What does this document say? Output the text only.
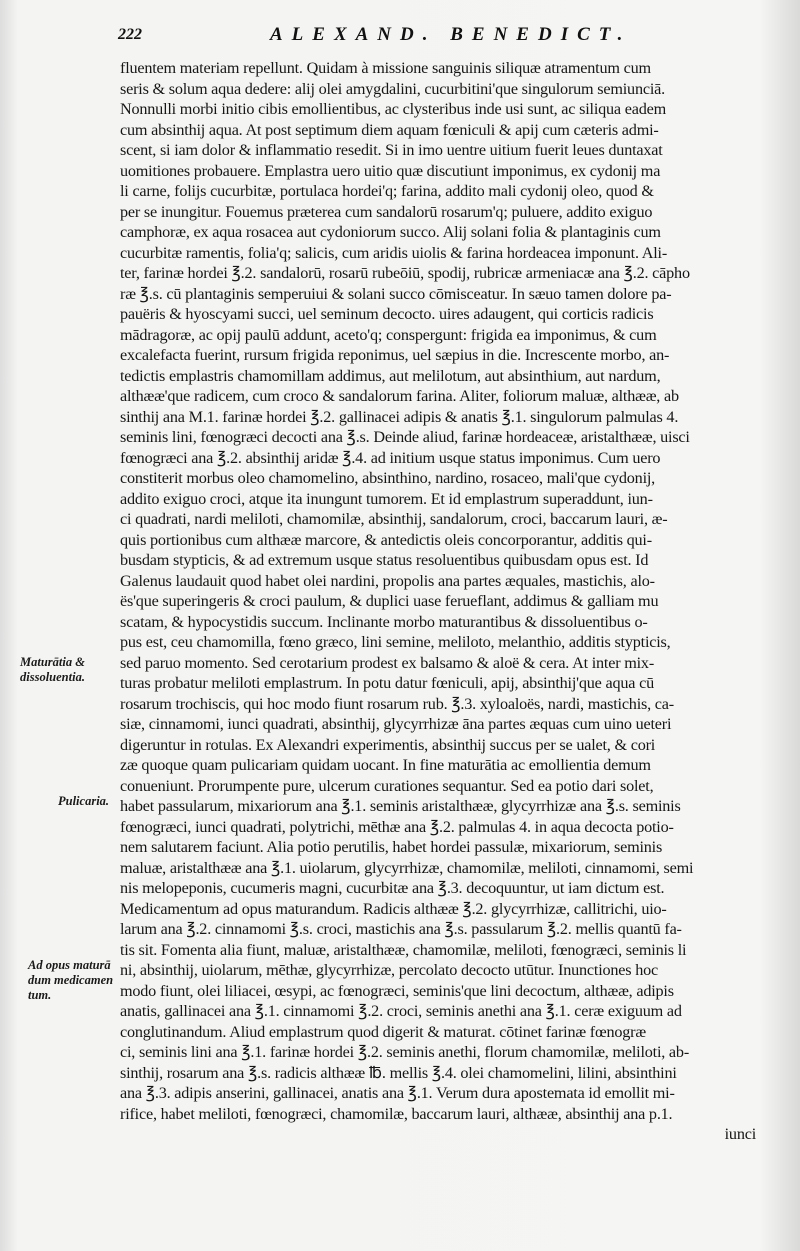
222	ALEXAND. BENEDICT.
Maturātia &
dissoluentia.
Pulicaria.
Ad opus maturā
dum medicamen
tum.
fluentem materiam repellunt. Quidam à missione sanguinis siliquæ atramentum cum
seris & solum aqua dedere: alij olei amygdalini, cucurbitini'que singulorum semiunciā.
Nonnulli morbi initio cibis emollientibus, ac clysteribus inde usi sunt, ac siliqua eadem
cum absinthij aqua. At post septimum diem aquam fœniculi & apij cum cæteris admi-
scent, si iam dolor & inflammatio resedit. Si in imo uentre uitium fuerit leues duntaxat
uomitiones probauere. Emplastra uero uitio quæ discutiunt imponimus, ex cydonij ma
li carne, folijs cucurbitæ, portulaca hordei'q; farina, addito mali cydonij oleo, quod &
per se inungitur. Fouemus præterea cum sandalorū rosarum'q; puluere, addito exiguo
camphoræ, ex aqua rosacea aut cydoniorum succo. Alij solani folia & plantaginis cum
cucurbitæ ramentis, folia'q; salicis, cum aridis uiolis & farina hordeacea imponunt. Ali-
ter, farinæ hordei ℥.2. sandalorū, rosarū rubeōiū, spodij, rubricæ armeniacæ ana ℥.2. cāpho
ræ ℥.s. cū plantaginis semperuiui & solani succo cōmisceatur. In sæuo tamen dolore pa-
pauëris & hyoscyami succi, uel seminum decocto. uires adaugent, qui corticis radicis
mādragoræ, ac opij paulū addunt, aceto'q; conspergunt: frigida ea imponimus, & cum
excalefacta fuerint, rursum frigida reponimus, uel sæpius in die. Increscente morbo, an-
tedictis emplastris chamomillam addimus, aut melilotum, aut absinthium, aut nardum,
althææ'que radicem, cum croco & sandalorum farina. Aliter, foliorum maluæ, althææ, ab
sinthij ana M.1. farinæ hordei ℥.2. gallinacei adipis & anatis ℥.1. singulorum palmulas 4.
seminis lini, fœnogræci decocti ana ℥.s. Deinde aliud, farinæ hordeaceæ, aristalthææ, uisci
fœnogræci ana ℥.2. absinthij aridæ ℥.4. ad initium usque status imponimus. Cum uero
constiterit morbus oleo chamomelino, absinthino, nardino, rosaceo, mali'que cydonij,
addito exiguo croci, atque ita inungunt tumorem. Et id emplastrum superaddunt, iun-
ci quadrati, nardi meliloti, chamomilæ, absinthij, sandalorum, croci, baccarum lauri, æ-
quis portionibus cum althææ marcore, & antedictis oleis concorporantur, additis qui-
busdam stypticis, & ad extremum usque status resoluentibus quibusdam opus est. Id
Galenus laudauit quod habet olei nardini, propolis ana partes æquales, mastichis, alo-
ës'que superingeris & croci paulum, & duplici uase ferueflant, addimus & galliam mu
scatam, & hypocystidis succum. Inclinante morbo maturantibus & dissoluentibus o-
pus est, ceu chamomilla, fœno græco, lini semine, meliloto, melanthio, additis stypticis,
sed paruo momento. Sed cerotarium prodest ex balsamo & aloë & cera. At inter mix-
turas probatur meliloti emplastrum. In potu datur fœniculi, apij, absinthij'que aqua cū
rosarum trochiscis, qui hoc modo fiunt rosarum rub. ℥.3. xyloaloës, nardi, mastichis, ca-
siæ, cinnamomi, iunci quadrati, absinthij, glycyrrhizæ āna partes æquas cum uino ueteri
digeruntur in rotulas. Ex Alexandri experimentis, absinthij succus per se ualet, & cori
zæ quoque quam pulicariam quidam uocant. In fine maturātia ac emollientia demum
conueniunt. Prorumpente pure, ulcerum curationes sequantur. Sed ea potio dari solet,
habet passularum, mixariorum ana ℥.1. seminis aristalthææ, glycyrrhizæ ana ℥.s. seminis
fœnogræci, iunci quadrati, polytrichi, mēthæ ana ℥.2. palmulas 4. in aqua decocta potio-
nem salutarem faciunt. Alia potio perutilis, habet hordei passulæ, mixariorum, seminis
maluæ, aristalthææ ana ℥.1. uiolarum, glycyrrhizæ, chamomilæ, meliloti, cinnamomi, semi
nis melopeponis, cucumeris magni, cucurbitæ ana ℥.3. decoquuntur, ut iam dictum est.
Medicamentum ad opus maturandum. Radicis althææ ℥.2. glycyrrhizæ, callitrichi, uio-
larum ana ℥.2. cinnamomi ℥.s. croci, mastichis ana ℥.s. passularum ℥.2. mellis quantū fa-
tis sit. Fomenta alia fiunt, maluæ, aristalthææ, chamomilæ, meliloti, fœnogræci, seminis li
ni, absinthij, uiolarum, mēthæ, glycyrrhizæ, percolato decocto utūtur. Inunctiones hoc
modo fiunt, olei liliacei, œsypi, ac fœnogræci, seminis'que lini decoctum, althææ, adipis
anatis, gallinacei ana ℥.1. cinnamomi ℥.2. croci, seminis anethi ana ℥.1. ceræ exiguum ad
conglutinandum. Aliud emplastrum quod digerit & maturat. cōtinet farinæ fœnogræ
ci, seminis lini ana ℥.1. farinæ hordei ℥.2. seminis anethi, florum chamomilæ, meliloti, ab-
sinthij, rosarum ana ℥.s. radicis althææ ℔. mellis ℥.4. olei chamomelini, lilini, absinthini
ana ℥.3. adipis anserini, gallinacei, anatis ana ℥.1. Verum dura apostemata id emollit mi-
rifice, habet meliloti, fœnogræci, chamomilæ, baccarum lauri, althææ, absinthij ana p.1.
iunci
